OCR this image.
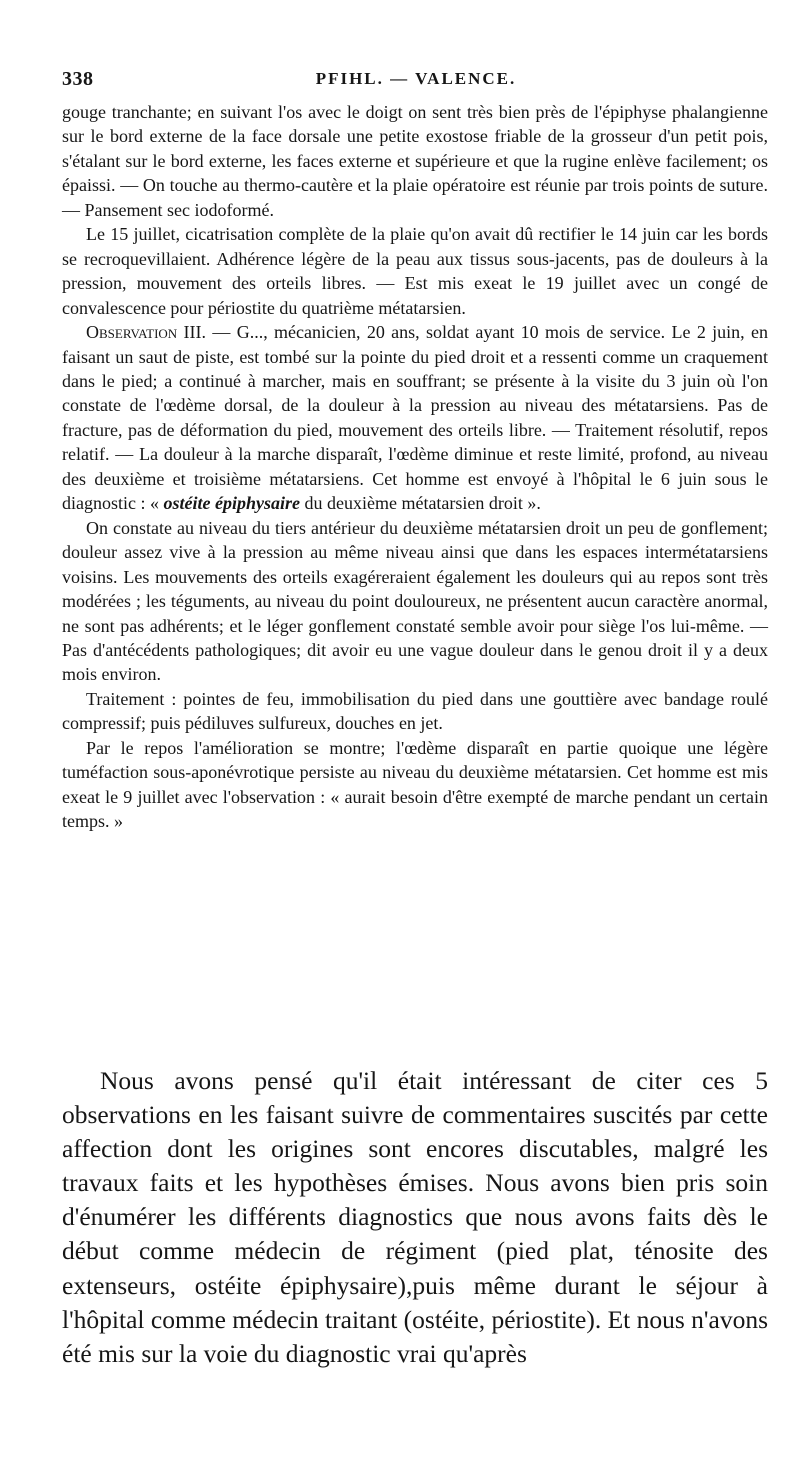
338	PFIHL. — VALENCE.

gouge tranchante; en suivant l'os avec le doigt on sent très bien près de l'épiphyse phalangienne sur le bord externe de la face dorsale une petite exostose friable de la grosseur d'un petit pois, s'étalant sur le bord externe, les faces externe et supérieure et que la rugine enlève facilement; os épaissi. — On touche au thermo-cautère et la plaie opératoire est réunie par trois points de suture. — Pansement sec iodoformé.

Le 15 juillet, cicatrisation complète de la plaie qu'on avait dû rectifier le 14 juin car les bords se recroquevillaient. Adhérence légère de la peau aux tissus sous-jacents, pas de douleurs à la pression, mouvement des orteils libres. — Est mis exeat le 19 juillet avec un congé de convalescence pour périostite du quatrième métatarsien.

Observation III. — G..., mécanicien, 20 ans, soldat ayant 10 mois de service. Le 2 juin, en faisant un saut de piste, est tombé sur la pointe du pied droit et a ressenti comme un craquement dans le pied; a continué à marcher, mais en souffrant; se présente à la visite du 3 juin où l'on constate de l'œdème dorsal, de la douleur à la pression au niveau des métatarsiens. Pas de fracture, pas de déformation du pied, mouvement des orteils libre. — Traitement résolutif, repos relatif. — La douleur à la marche disparaît, l'œdème diminue et reste limité, profond, au niveau des deuxième et troisième métatarsiens. Cet homme est envoyé à l'hôpital le 6 juin sous le diagnostic : « ostéite épiphysaire du deuxième métatarsien droit ».

On constate au niveau du tiers antérieur du deuxième métatarsien droit un peu de gonflement; douleur assez vive à la pression au même niveau ainsi que dans les espaces intermétatarsiens voisins. Les mouvements des orteils exagéreraient également les douleurs qui au repos sont très modérées ; les téguments, au niveau du point douloureux, ne présentent aucun caractère anormal, ne sont pas adhérents; et le léger gonflement constaté semble avoir pour siège l'os lui-même. — Pas d'antécédents pathologiques; dit avoir eu une vague douleur dans le genou droit il y a deux mois environ.

Traitement : pointes de feu, immobilisation du pied dans une gouttière avec bandage roulé compressif; puis pédiluves sulfureux, douches en jet.

Par le repos l'amélioration se montre; l'œdème disparaît en partie quoique une légère tuméfaction sous-aponévrotique persiste au niveau du deuxième métatarsien. Cet homme est mis exeat le 9 juillet avec l'observation : « aurait besoin d'être exempté de marche pendant un certain temps. »

Nous avons pensé qu'il était intéressant de citer ces 5 observations en les faisant suivre de commentaires suscités par cette affection dont les origines sont encores discutables, malgré les travaux faits et les hypothèses émises. Nous avons bien pris soin d'énumérer les différents diagnostics que nous avons faits dès le début comme médecin de régiment (pied plat, ténosite des extenseurs, ostéite épiphysaire),puis même durant le séjour à l'hôpital comme médecin traitant (ostéite, périostite). Et nous n'avons été mis sur la voie du diagnostic vrai qu'après
